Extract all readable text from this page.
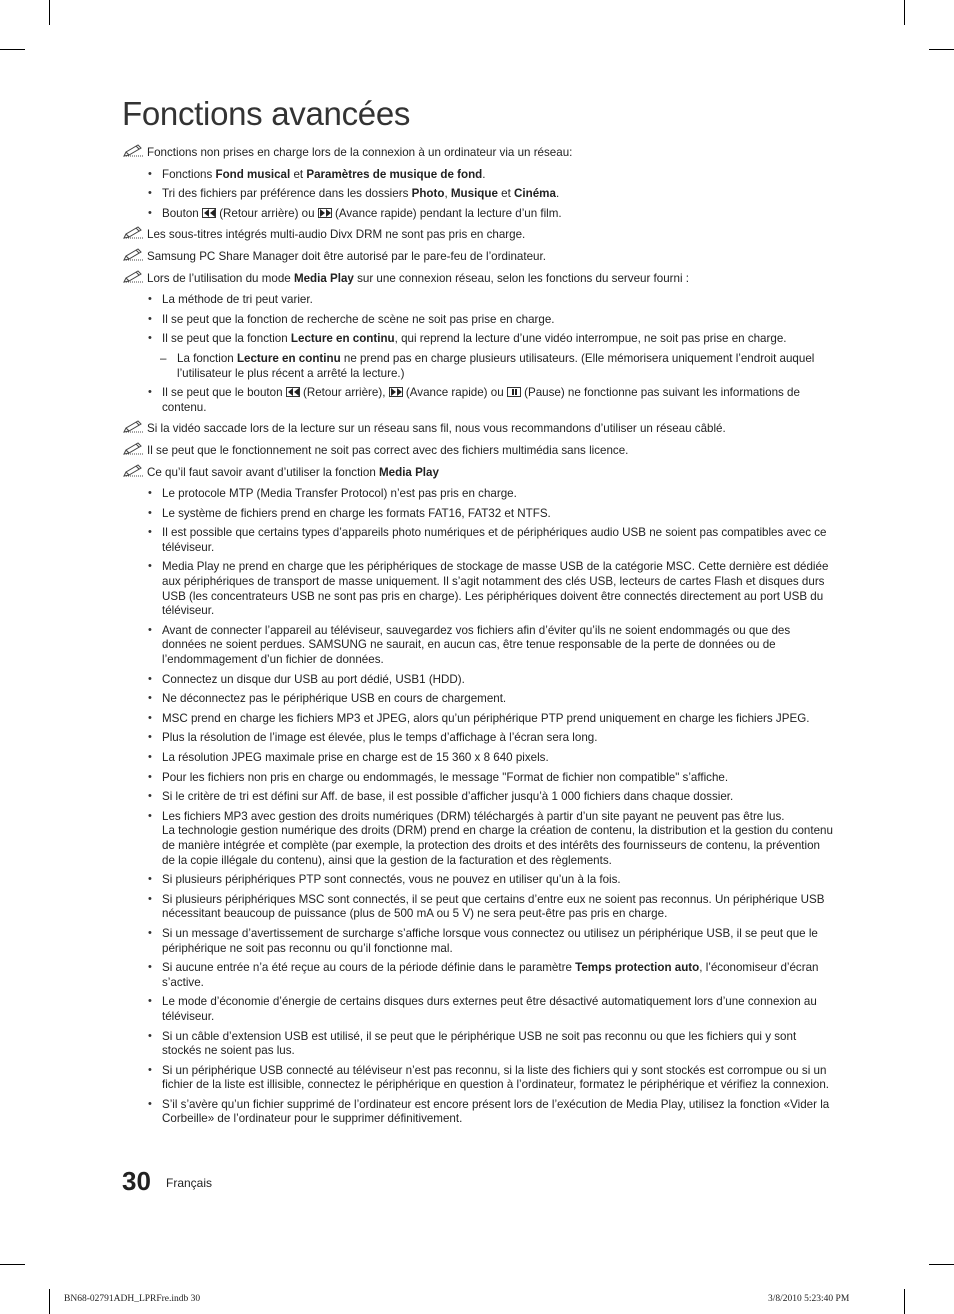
Fonctions avancées
Fonctions non prises en charge lors de la connexion à un ordinateur via un réseau:
• Fonctions Fond musical et Paramètres de musique de fond.
• Tri des fichiers par préférence dans les dossiers Photo, Musique et Cinéma.
• Bouton
(Retour arrière) ou
(Avance rapide) pendant la lecture d’un film.
Les sous-titres intégrés multi-audio Divx DRM ne sont pas pris en charge.
Samsung PC Share Manager doit être autorisé par le pare-feu de l’ordinateur.
Lors de l’utilisation du mode Media Play sur une connexion réseau, selon les fonctions du serveur fourni :
• La méthode de tri peut varier.
• Il se peut que la fonction de recherche de scène ne soit pas prise en charge.
• Il se peut que la fonction Lecture en continu, qui reprend la lecture d’une vidéo interrompue, ne soit pas prise en charge.
– La fonction Lecture en continu ne prend pas en charge plusieurs utilisateurs. (Elle mémorisera uniquement l’endroit auquel l’utilisateur le plus récent a arrêté la lecture.)
• Il se peut que le bouton
(Retour arrière),
(Avance rapide) ou
(Pause) ne fonctionne pas suivant les informations de contenu.
Si la vidéo saccade lors de la lecture sur un réseau sans fil, nous vous recommandons d’utiliser un réseau câblé.
Il se peut que le fonctionnement ne soit pas correct avec des fichiers multimédia sans licence.
Ce qu’il faut savoir avant d’utiliser la fonction Media Play
• Le protocole MTP (Media Transfer Protocol) n’est pas pris en charge.
• Le système de fichiers prend en charge les formats FAT16, FAT32 et NTFS.
• Il est possible que certains types d’appareils photo numériques et de périphériques audio USB ne soient pas compatibles avec ce téléviseur.
• Media Play ne prend en charge que les périphériques de stockage de masse USB de la catégorie MSC. Cette dernière est dédiée aux périphériques de transport de masse uniquement. Il s’agit notamment des clés USB, lecteurs de cartes Flash et disques durs USB (les concentrateurs USB ne sont pas pris en charge). Les périphériques doivent être connectés directement au port USB du téléviseur.
• Avant de connecter l’appareil au téléviseur, sauvegardez vos fichiers afin d’éviter qu’ils ne soient endommagés ou que des données ne soient perdues. SAMSUNG ne saurait, en aucun cas, être tenue responsable de la perte de données ou de l’endommagement d’un fichier de données.
• Connectez un disque dur USB au port dédié, USB1 (HDD).
• Ne déconnectez pas le périphérique USB en cours de chargement.
• MSC prend en charge les fichiers MP3 et JPEG, alors qu’un périphérique PTP prend uniquement en charge les fichiers JPEG.
• Plus la résolution de l’image est élevée, plus le temps d’affichage à l’écran sera long.
• La résolution JPEG maximale prise en charge est de 15 360 x 8 640 pixels.
• Pour les fichiers non pris en charge ou endommagés, le message "Format de fichier non compatible" s’affiche.
• Si le critère de tri est défini sur Aff. de base, il est possible d’afficher jusqu’à 1 000 fichiers dans chaque dossier.
• Les fichiers MP3 avec gestion des droits numériques (DRM) téléchargés à partir d’un site payant ne peuvent pas être lus.
La technologie gestion numérique des droits (DRM) prend en charge la création de contenu, la distribution et la gestion du contenu de manière intégrée et complète (par exemple, la protection des droits et des intérêts des fournisseurs de contenu, la prévention de la copie illégale du contenu), ainsi que la gestion de la facturation et des règlements.
• Si plusieurs périphériques PTP sont connectés, vous ne pouvez en utiliser qu’un à la fois.
• Si plusieurs périphériques MSC sont connectés, il se peut que certains d’entre eux ne soient pas reconnus. Un périphérique USB nécessitant beaucoup de puissance (plus de 500 mA ou 5 V) ne sera peut-être pas pris en charge.
• Si un message d’avertissement de surcharge s’affiche lorsque vous connectez ou utilisez un périphérique USB, il se peut que le périphérique ne soit pas reconnu ou qu’il fonctionne mal.
• Si aucune entrée n’a été reçue au cours de la période définie dans le paramètre Temps protection auto, l’économiseur d’écran s’active.
• Le mode d’économie d’énergie de certains disques durs externes peut être désactivé automatiquement lors d’une connexion au téléviseur.
• Si un câble d’extension USB est utilisé, il se peut que le périphérique USB ne soit pas reconnu ou que les fichiers qui y sont stockés ne soient pas lus.
• Si un périphérique USB connecté au téléviseur n’est pas reconnu, si la liste des fichiers qui y sont stockés est corrompue ou si un fichier de la liste est illisible, connectez le périphérique en question à l’ordinateur, formatez le périphérique et vérifiez la connexion.
• S’il s’avère qu’un fichier supprimé de l’ordinateur est encore présent lors de l’exécution de Media Play, utilisez la fonction «Vider la Corbeille» de l’ordinateur pour le supprimer définitivement.
30 Français
BN68-02791ADH_LPRFre.indb 30	3/8/2010 5:23:40 PM
